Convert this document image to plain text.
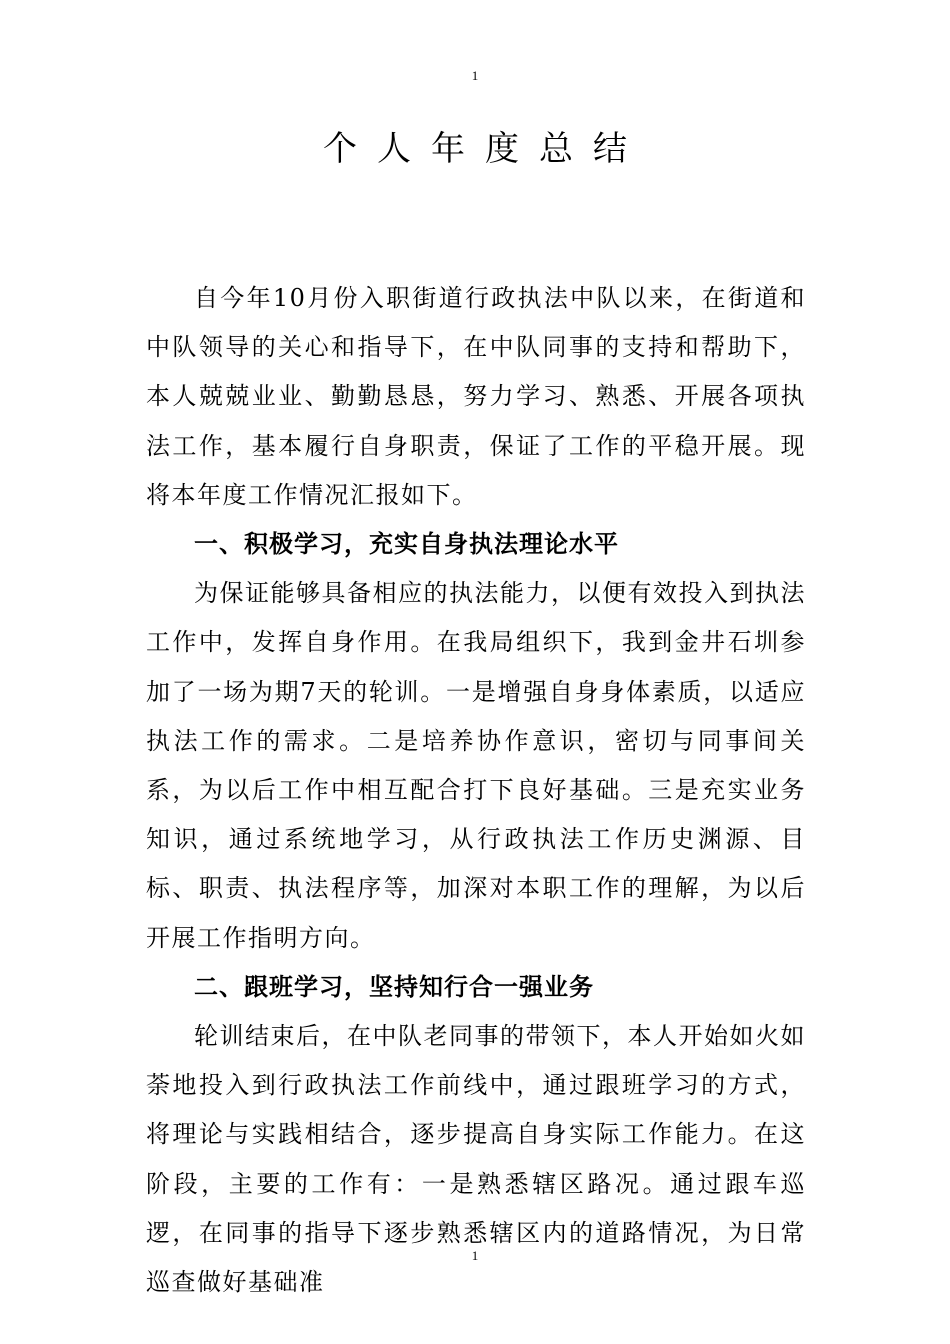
1
个人年度总结

自今年10月份入职街道行政执法中队以来，在街道和中队领导的关心和指导下，在中队同事的支持和帮助下，本人兢兢业业、勤勤恳恳，努力学习、熟悉、开展各项执法工作，基本履行自身职责，保证了工作的平稳开展。现将本年度工作情况汇报如下。

一、积极学习，充实自身执法理论水平

为保证能够具备相应的执法能力，以便有效投入到执法工作中，发挥自身作用。在我局组织下，我到金井石圳参加了一场为期7天的轮训。一是增强自身身体素质，以适应执法工作的需求。二是培养协作意识，密切与同事间关系，为以后工作中相互配合打下良好基础。三是充实业务知识，通过系统地学习，从行政执法工作历史渊源、目标、职责、执法程序等，加深对本职工作的理解，为以后开展工作指明方向。

二、跟班学习，坚持知行合一强业务

轮训结束后，在中队老同事的带领下，本人开始如火如荼地投入到行政执法工作前线中，通过跟班学习的方式，将理论与实践相结合，逐步提高自身实际工作能力。在这阶段，主要的工作有：一是熟悉辖区路况。通过跟车巡逻，在同事的指导下逐步熟悉辖区内的道路情况，为日常巡查做好基础准

1
